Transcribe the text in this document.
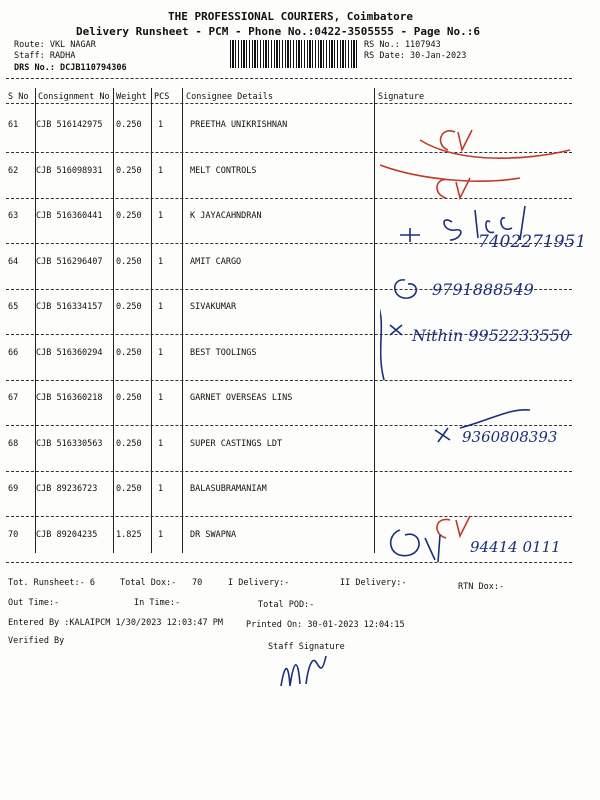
THE PROFESSIONAL COURIERS, Coimbatore
Delivery Runsheet - PCM - Phone No.:0422-3505555 - Page No.:6
Route: VKL NAGAR
Staff: RADHA
DRS No.: DCJB110794306
RS No.: 1107943
RS Date: 30-Jan-2023
S No Consignment No Weight PCS Consignee Details	Signature
61 CJB 516142975 0.250 1	PREETHA UNIKRISHNAN
62 CJB 516098931 0.250 1	MELT CONTROLS
63 CJB 516360441 0.250 1	K JAYACAHNDRAN
64 CJB 516296407 0.250 1	AMIT CARGO
65 CJB 516334157 0.250 1	SIVAKUMAR
66 CJB 516360294 0.250 1	BEST TOOLINGS
67 CJB 516360218 0.250 1	GARNET OVERSEAS LINS
68 CJB 516330563 0.250 1	SUPER CASTINGS LDT
69 CJB 89236723 0.250 1	BALASUBRAMANIAM
70 CJB 89204235 1.825 1	DR SWAPNA
7402271951
9791888549
Nithin 9952233550
9360808393
94414 0111
Tot. Runsheet:- 6	Total Dox:- 70	I Delivery:-	II Delivery:-	RTN Dox:-
Out Time:-	In Time:-	Total POD:-
Entered By :KALAIPCM 1/30/2023 12:03:47 PM	Printed On: 30-01-2023 12:04:15
Verified By
Staff Signature
